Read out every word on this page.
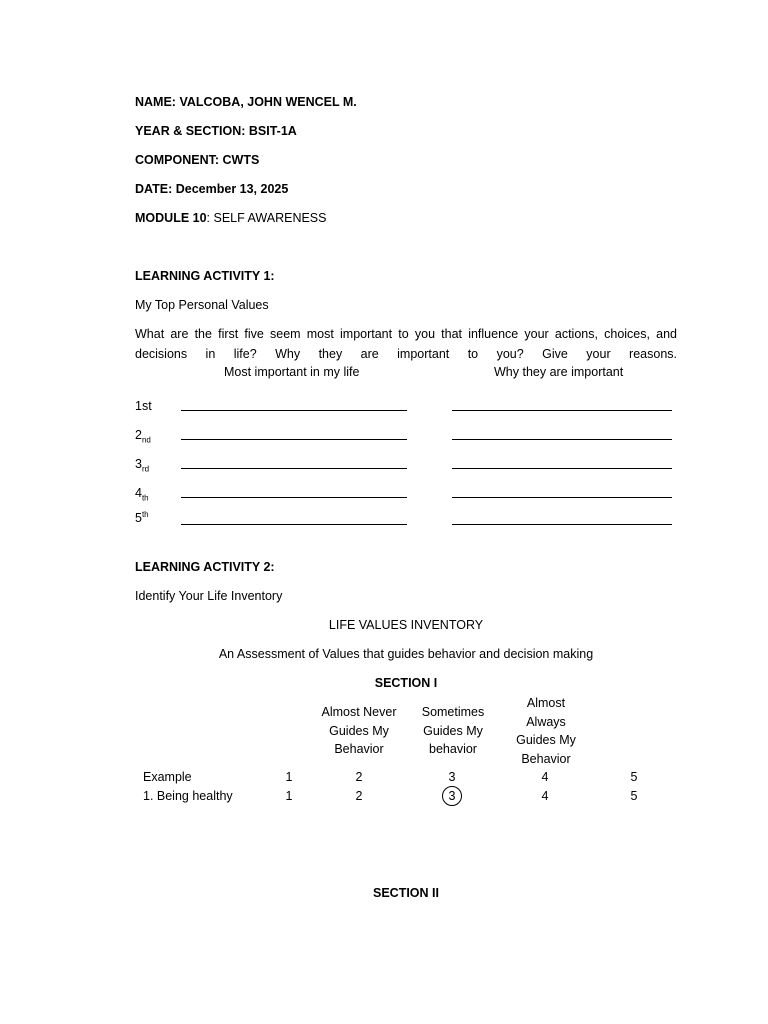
NAME: VALCOBA, JOHN WENCEL M.
YEAR & SECTION: BSIT-1A
COMPONENT: CWTS
DATE: December 13, 2025
MODULE 10: SELF AWARENESS
LEARNING ACTIVITY 1:
My Top Personal Values
What are the first five seem most important to you that influence your actions, choices, and decisions in life? Why they are important to you? Give your reasons.
Most important in my life	Why they are important
1st
$2_{nd}$
$3_{rd}$
$4_{th}$
5th
LEARNING ACTIVITY 2:
Identify Your Life Inventory
LIFE VALUES INVENTORY
An Assessment of Values that guides behavior and decision making
SECTION I
Almost Never Guides My Behavior
Sometimes Guides My behavior
Almost Always Guides My Behavior
Example	1	2	3	4	5
1. Being healthy	1	2	3	4	5
SECTION II
